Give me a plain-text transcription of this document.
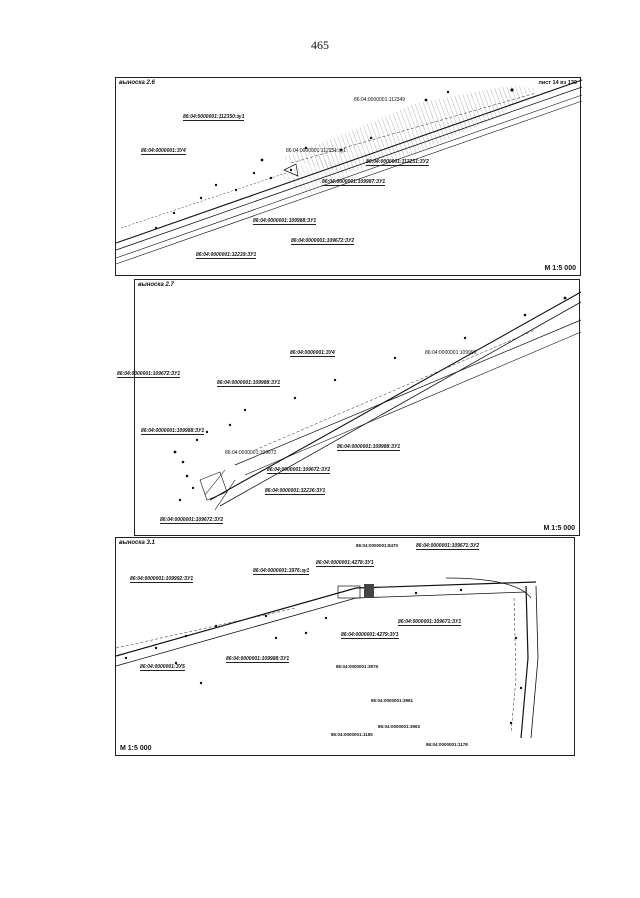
465
выноска 2.6	лист 14 из 130
М 1:5 000
86:04:0000001:112350:зу1
86:04:0000001:112349
86:04:0000001:112251:зу1
86:04:0000001:112251:ЗУ2
86:04:0000001:109987:ЗУ1
86:04:0000001:ЗУ4
86:04:0000001:109988:ЗУ1
86:04:0000001:109672:ЗУ2
86:04:0000001:32239:ЗУ1
выноска 2.7
М 1:5 000
86:04:0000001:109672:ЗУ1
86:04:0000001:ЗУ4
86:04:0000001:109988:ЗУ1
86:04:0000001:109988:ЗУ1
86:04:0000001:109672
86:04:0000001:109988:ЗУ1
86:04:0000001:109672:ЗУ2
86:04:0000001:32236:ЗУ1
86:04:0000001:109672:ЗУ2
86:04:0000001:109996
выноска 3.1
М 1:5 000
86:04:0000001:8470	86:04:0000001:109671:ЗУ2
86:04:0000001:109992:ЗУ1
86:04:0000001:3976:зу1
86:04:0000001:4278:ЗУ1
86:04:0000001:4279:ЗУ1
86:04:0000001:109671:ЗУ1
86:04:0000001:ЗУ5
86:04:0000001:109988:ЗУ1
86:04:0000001:3975
86:04:0000001:3961
86:04:0000001:3963
86:04:0000001:1155
86:04:0000001:1178
